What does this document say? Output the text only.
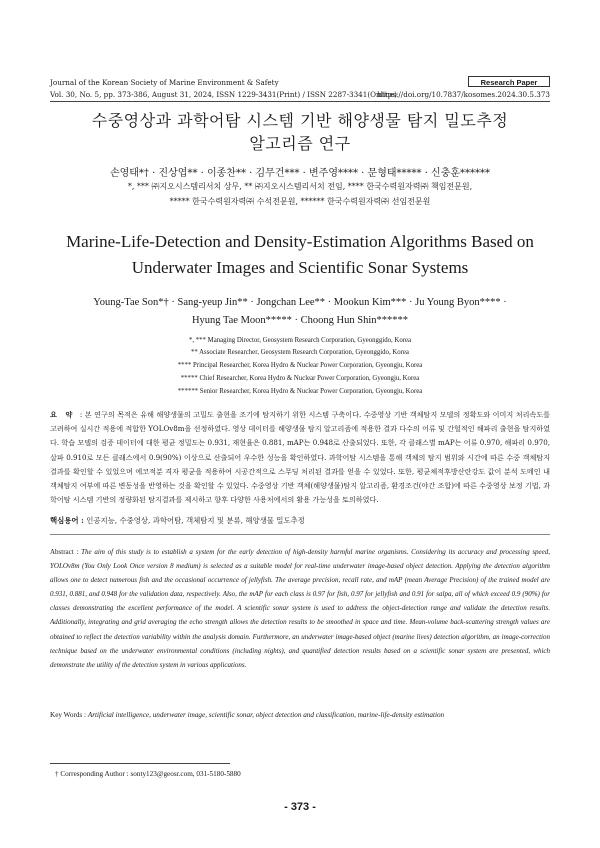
Journal of the Korean Society of Marine Environment & Safety
Vol. 30, No. 5, pp. 373-386, August 31, 2024, ISSN 1229-3431(Print) / ISSN 2287-3341(Online)
https://doi.org/10.7837/kosomes.2024.30.5.373
Research Paper
수중영상과 과학어탐 시스템 기반 해양생물 탐지 밀도추정
알고리즘 연구
손영태*† · 진상엽** · 이종찬** · 김무건*** · 변주영**** · 문형태***** · 신충훈******
*, *** ㈜지오시스템리서치 상무, ** ㈜지오시스템리서치 전임, **** 한국수력원자력㈜ 책임전문원,
***** 한국수력원자력㈜ 수석전문원, ****** 한국수력원자력㈜ 선임전문원
Marine-Life-Detection and Density-Estimation Algorithms Based on
Underwater Images and Scientific Sonar Systems
Young-Tae Son*† · Sang-yeup Jin** · Jongchan Lee** · Mookun Kim*** · Ju Young Byon**** ·
Hyung Tae Moon***** · Choong Hun Shin******
*, *** Managing Director, Geosystem Research Corporation, Gyeonggido, Korea
** Associate Researcher, Geosystem Research Corporation, Gyeonggido, Korea
**** Principal Researcher, Korea Hydro & Nuclear Power Corporation, Gyeongju, Korea
***** Chief Researcher, Korea Hydro & Nuclear Power Corporation, Gyeongju, Korea
****** Senior Researcher, Korea Hydro & Nuclear Power Corporation, Gyeongju, Korea
요 약 : 본 연구의 목적은 유해 해양생물의 고밀도 출현을 조기에 탐지하기 위한 시스템 구축이다. 수중영상 기반 객체탐지 모델의 정확도와 이미지 처리속도를 고려하여 실시간 적용에 적합한 YOLOv8m을 선정하였다. 영상 데이터를 해양생물 탐지 알고리즘에 적용한 결과 다수의 어류 및 간헐적인 해파리 출현을 탐지하였다. 학습 모델의 검증 데이터에 대한 평균 정밀도는 0.931, 재현율은 0.881, mAP는 0.948로 산출되었다. 또한, 각 클래스별 mAP는 어류 0.970, 해파리 0.970, 살파 0.910로 모든 클래스에서 0.9(90%) 이상으로 산출되어 우수한 성능을 확인하였다. 과학어탐 시스템을 통해 객체의 탐지 범위와 시간에 따른 수중 객체탐지 결과를 확인할 수 있었으며 에코적분 격자 평균을 적용하여 시공간적으로 스무딩 처리된 결과를 얻을 수 있었다. 또한, 평균체적후방산란강도 값이 분석 도메인 내 객체탐지 여부에 따른 변동성을 반영하는 것을 확인할 수 있었다. 수중영상 기반 객체(해양생물)탐지 알고리즘, 환경조건(야간 조합)에 따른 수중영상 보정 기법, 과학어탐 시스템 기반의 정량화된 탐지결과를 제시하고 향후 다양한 사용처에서의 활용 가능성을 토의하였다.
핵심용어 : 인공지능, 수중영상, 과학어탐, 객체탐지 및 분류, 해양생물 밀도추정
Abstract : The aim of this study is to establish a system for the early detection of high-density harmful marine organisms. Considering its accuracy and processing speed, YOLOv8m (You Only Look Once version 8 medium) is selected as a suitable model for real-time underwater image-based object detection. Applying the detection algorithm allows one to detect numerous fish and the occasional occurrence of jellyfish. The average precision, recall rate, and mAP (mean Average Precision) of the trained model are 0.931, 0.881, and 0.948 for the validation data, respectively. Also, the mAP for each class is 0.97 for fish, 0.97 for jellyfish and 0.91 for salpa, all of which exceed 0.9 (90%) for classes demonstrating the excellent performance of the model. A scientific sonar system is used to address the object-detection range and validate the detection results. Additionally, integrating and grid averaging the echo strength allows the detection results to be smoothed in space and time. Mean-volume back-scattering strength values are obtained to reflect the detection variability within the analysis domain. Furthermore, an underwater image-based object (marine lives) detection algorithm, an image-correction technique based on the underwater environmental conditions (including nights), and quantified detection results based on a scientific sonar system are presented, which demonstrate the utility of the detection system in various applications.
Key Words : Artificial intelligence, underwater image, scientific sonar, object detection and classification, marine-life-density estimation
† Corresponding Author : sonty123@geosr.com, 031-5180-5880
- 373 -
